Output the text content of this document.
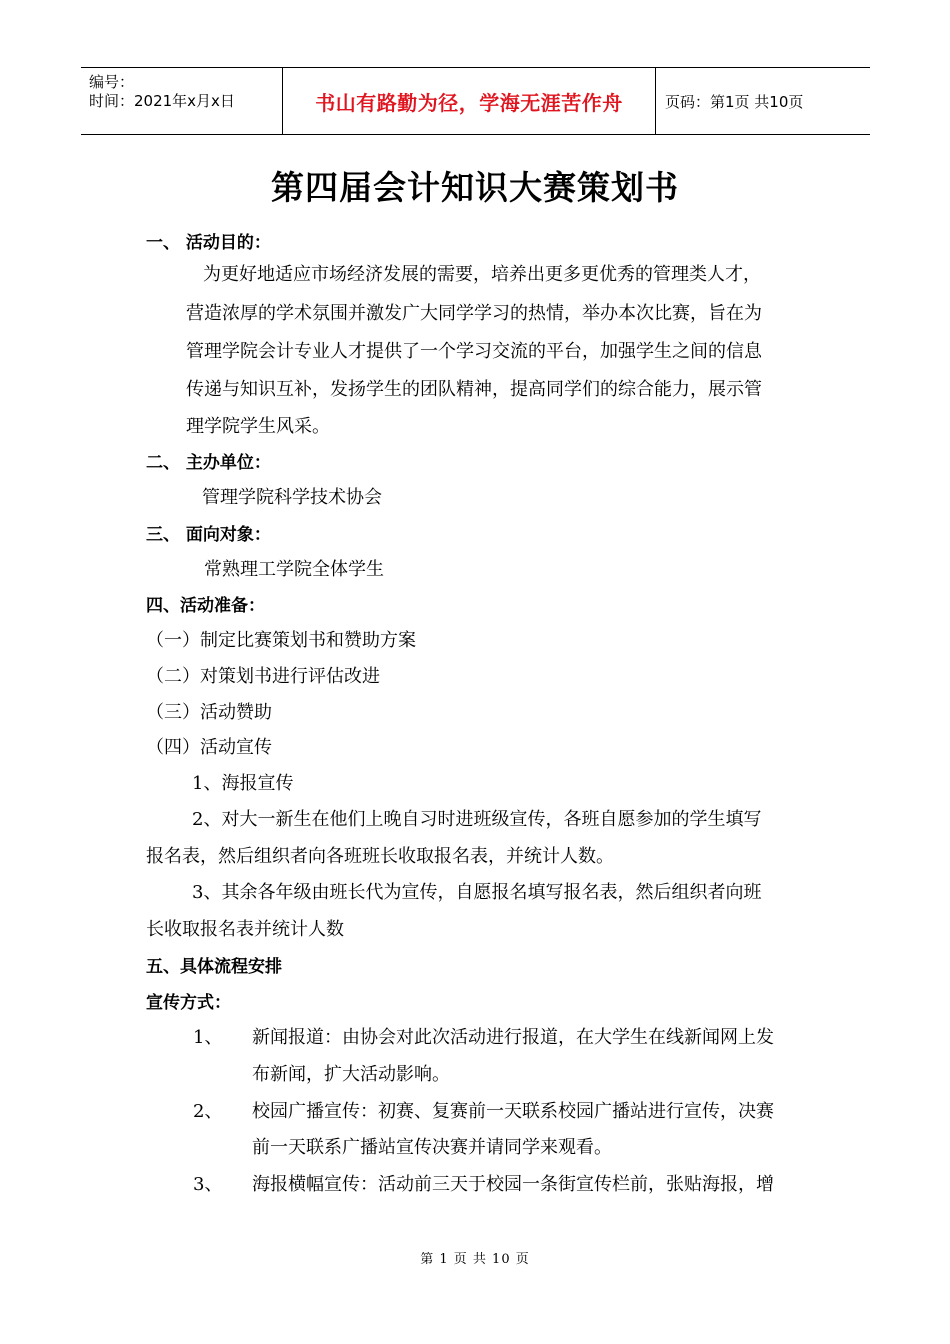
编号：
时间：2021年x月x日	书山有路勤为径，学海无涯苦作舟	页码：第1页 共10页
第四届会计知识大赛策划书
一、 活动目的：
为更好地适应市场经济发展的需要，培养出更多更优秀的管理类人才，
营造浓厚的学术氛围并激发广大同学学习的热情，举办本次比赛，旨在为
管理学院会计专业人才提供了一个学习交流的平台，加强学生之间的信息
传递与知识互补，发扬学生的团队精神，提高同学们的综合能力，展示管
理学院学生风采。
二、 主办单位：
管理学院科学技术协会
三、 面向对象：
常熟理工学院全体学生
四、活动准备：
（一）制定比赛策划书和赞助方案
（二）对策划书进行评估改进
（三）活动赞助
（四）活动宣传
1、海报宣传
2、对大一新生在他们上晚自习时进班级宣传，各班自愿参加的学生填写
报名表，然后组织者向各班班长收取报名表，并统计人数。
3、其余各年级由班长代为宣传，自愿报名填写报名表，然后组织者向班
长收取报名表并统计人数
五、具体流程安排
宣传方式：
1、 新闻报道：由协会对此次活动进行报道，在大学生在线新闻网上发
布新闻，扩大活动影响。
2、 校园广播宣传：初赛、复赛前一天联系校园广播站进行宣传，决赛
前一天联系广播站宣传决赛并请同学来观看。
3、 海报横幅宣传：活动前三天于校园一条街宣传栏前，张贴海报，增
第 1 页 共 10 页
